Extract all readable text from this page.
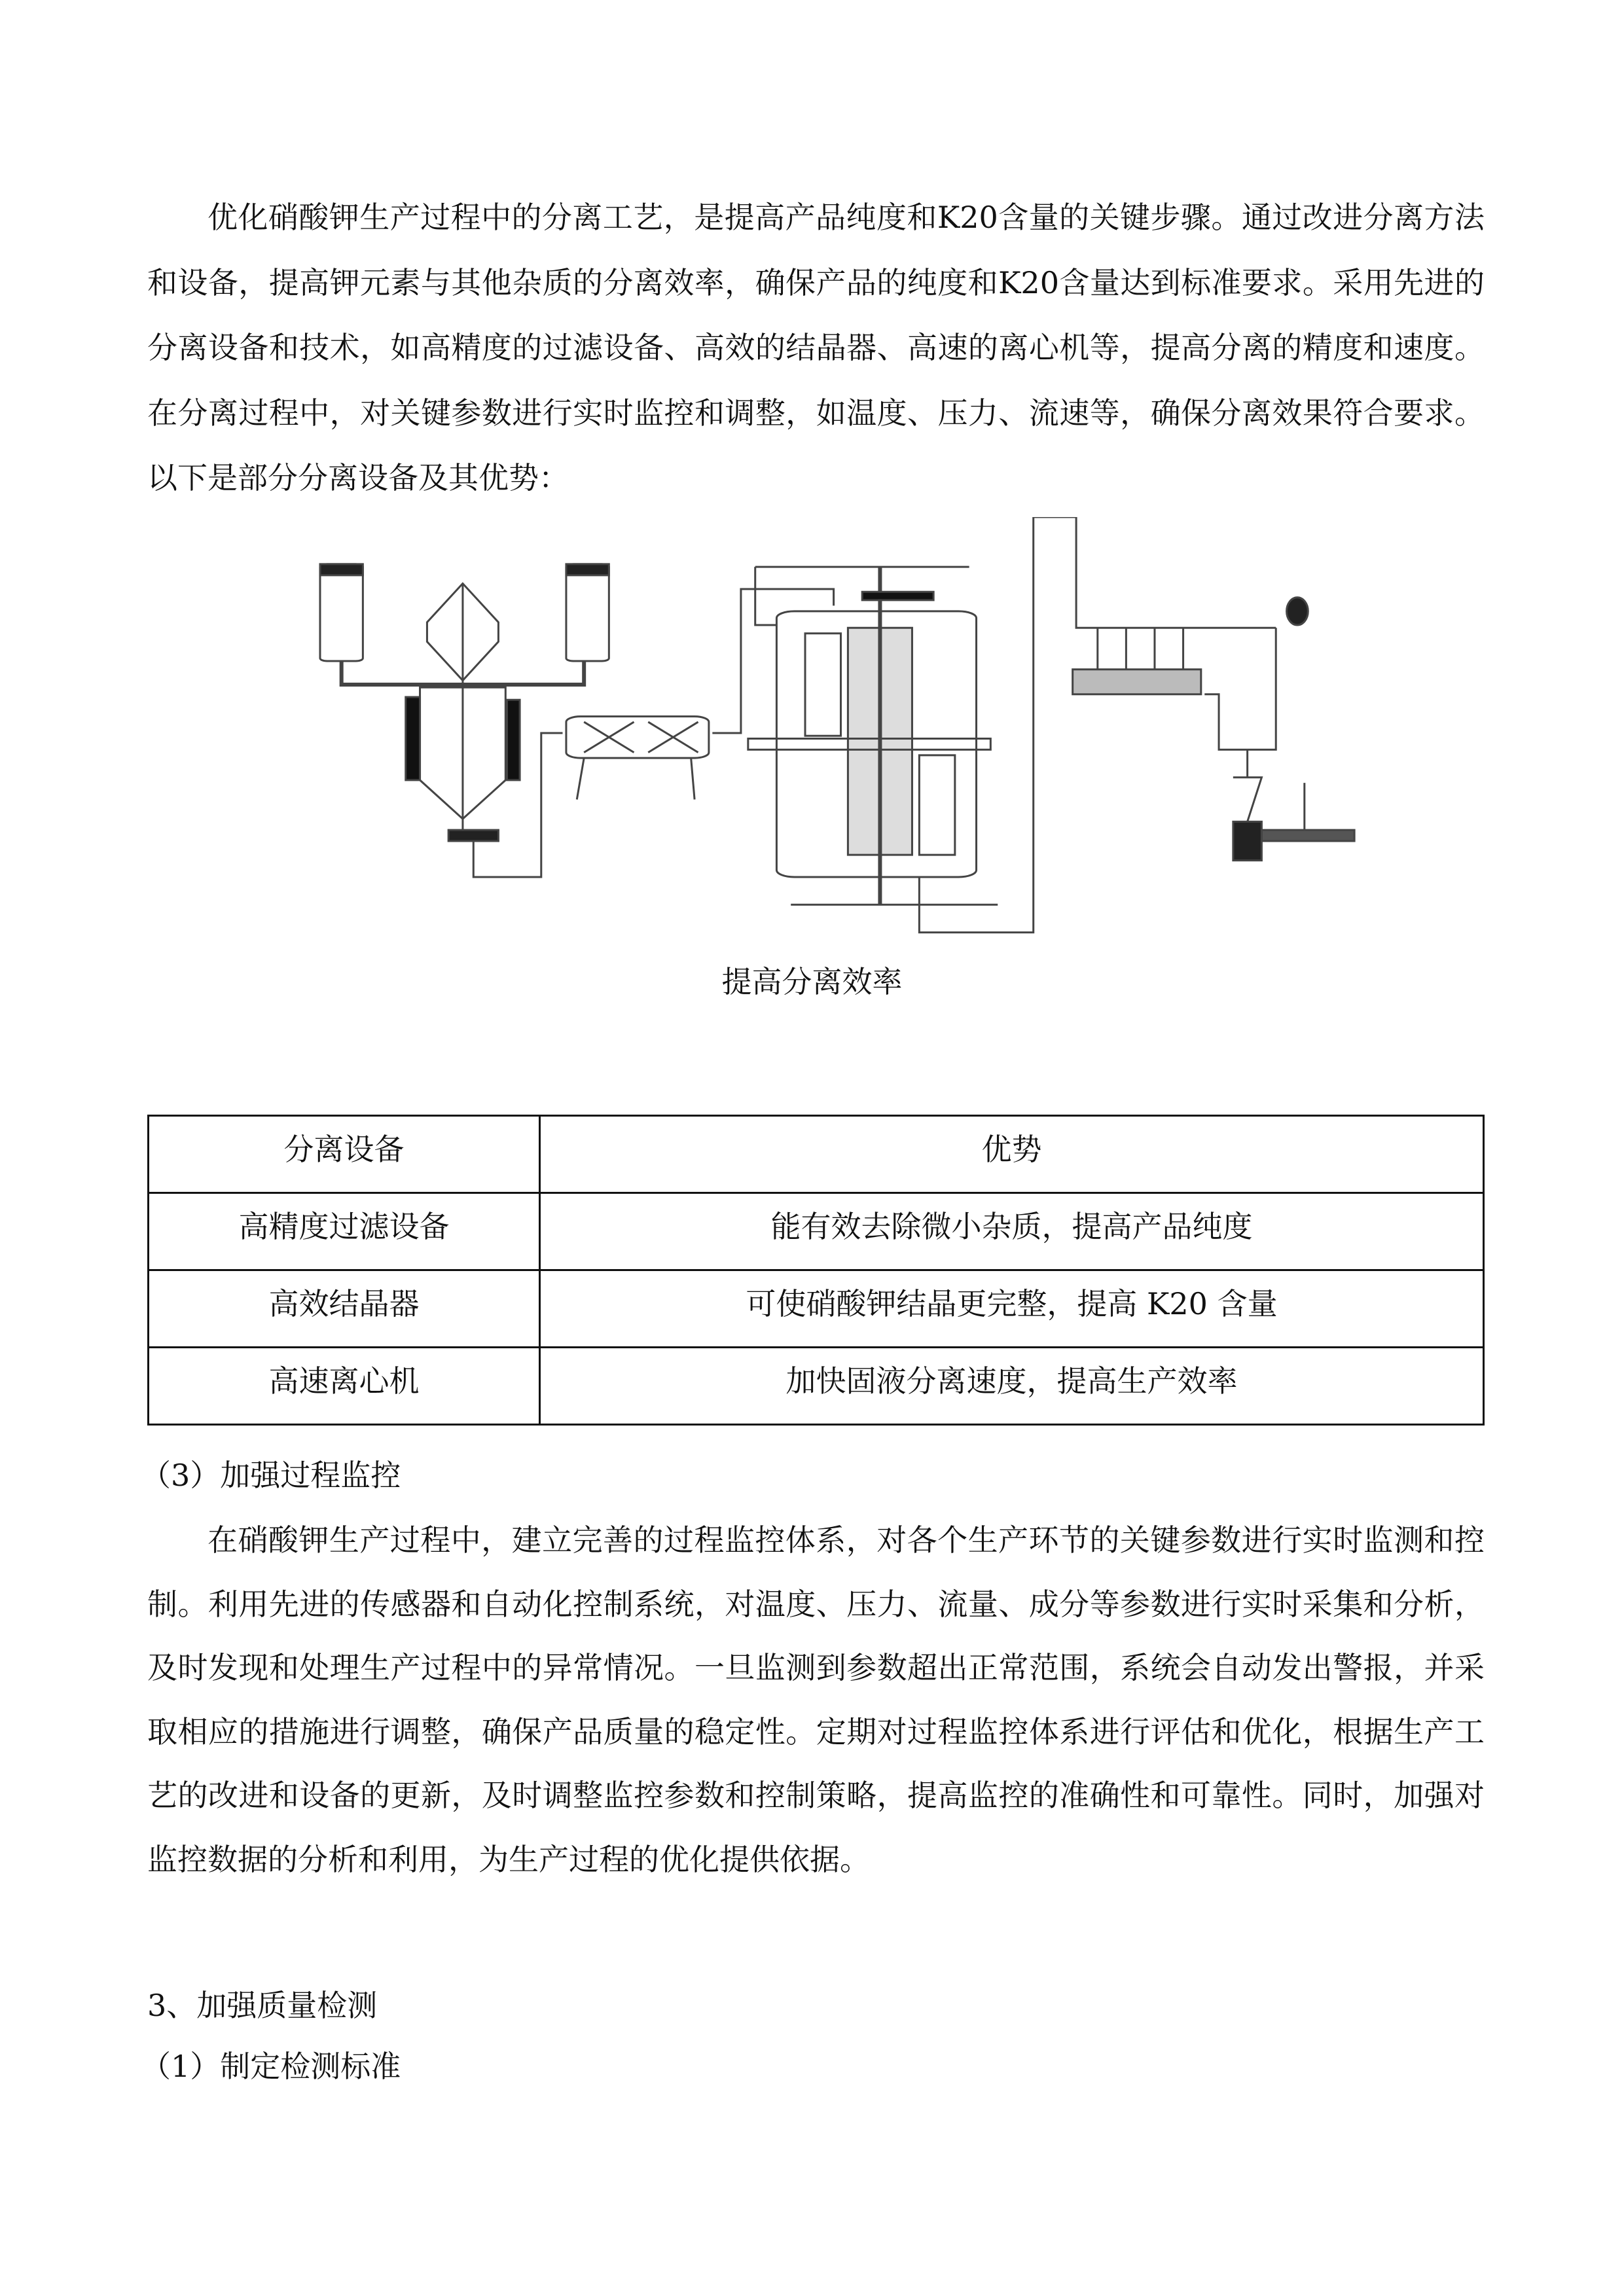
优化硝酸钾生产过程中的分离工艺，是提高产品纯度和K20含量的关键步骤。通过改进分离方法和设备，提高钾元素与其他杂质的分离效率，确保产品的纯度和K20含量达到标准要求。采用先进的分离设备和技术，如高精度的过滤设备、高效的结晶器、高速的离心机等，提高分离的精度和速度。在分离过程中，对关键参数进行实时监控和调整，如温度、压力、流速等，确保分离效果符合要求。以下是部分分离设备及其优势：

提高分离效率
分离设备	优势
高精度过滤设备	能有效去除微小杂质，提高产品纯度
高效结晶器	可使硝酸钾结晶更完整，提高 K20 含量
高速离心机	加快固液分离速度，提高生产效率

（3）加强过程监控

在硝酸钾生产过程中，建立完善的过程监控体系，对各个生产环节的关键参数进行实时监测和控制。利用先进的传感器和自动化控制系统，对温度、压力、流量、成分等参数进行实时采集和分析，及时发现和处理生产过程中的异常情况。一旦监测到参数超出正常范围，系统会自动发出警报，并采取相应的措施进行调整，确保产品质量的稳定性。定期对过程监控体系进行评估和优化，根据生产工艺的改进和设备的更新，及时调整监控参数和控制策略，提高监控的准确性和可靠性。同时，加强对监控数据的分析和利用，为生产过程的优化提供依据。

3、加强质量检测

（1）制定检测标准
